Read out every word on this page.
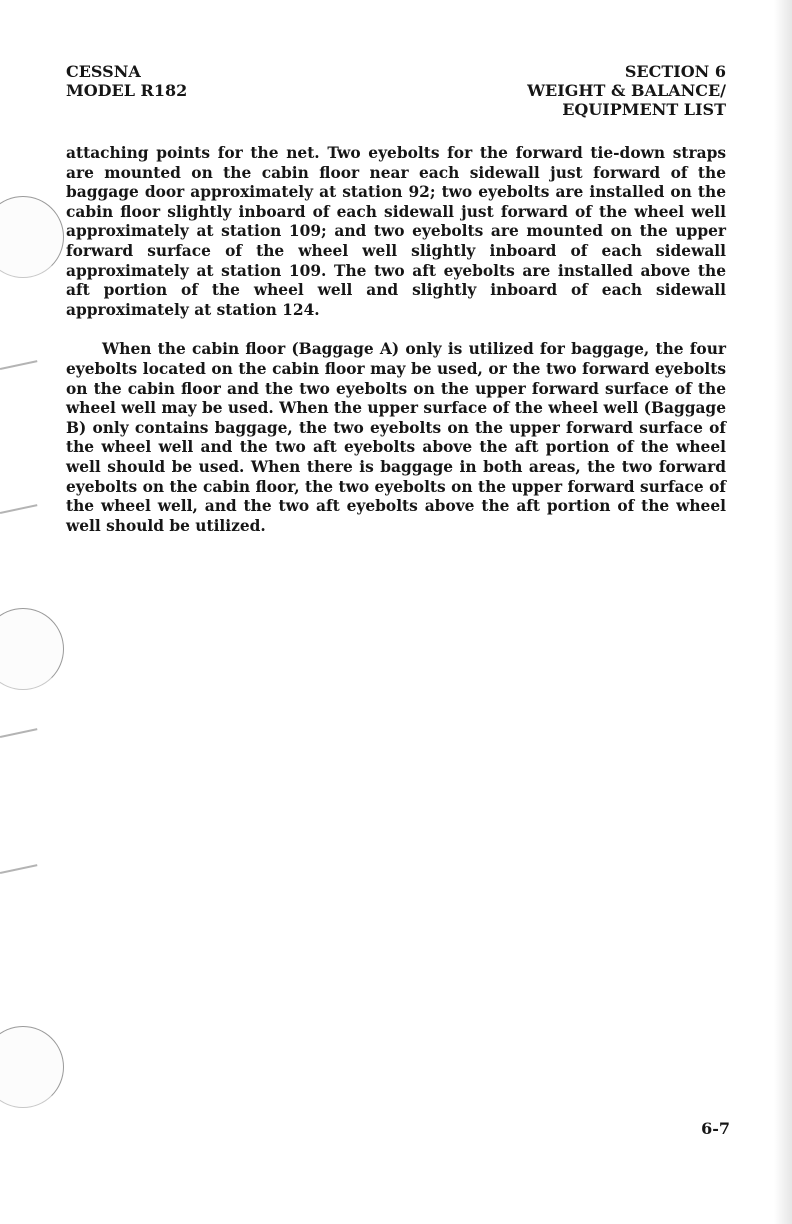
CESSNA
MODEL R182
SECTION 6
WEIGHT & BALANCE/
EQUIPMENT LIST

attaching points for the net. Two eyebolts for the forward tie-down straps are mounted on the cabin floor near each sidewall just forward of the baggage door approximately at station 92; two eyebolts are installed on the cabin floor slightly inboard of each sidewall just forward of the wheel well approximately at station 109; and two eyebolts are mounted on the upper forward surface of the wheel well slightly inboard of each sidewall approximately at station 109. The two aft eyebolts are installed above the aft portion of the wheel well and slightly inboard of each sidewall approximately at station 124.

When the cabin floor (Baggage A) only is utilized for baggage, the four eyebolts located on the cabin floor may be used, or the two forward eyebolts on the cabin floor and the two eyebolts on the upper forward surface of the wheel well may be used. When the upper surface of the wheel well (Baggage B) only contains baggage, the two eyebolts on the upper forward surface of the wheel well and the two aft eyebolts above the aft portion of the wheel well should be used. When there is baggage in both areas, the two forward eyebolts on the cabin floor, the two eyebolts on the upper forward surface of the wheel well, and the two aft eyebolts above the aft portion of the wheel well should be utilized.

6-7
